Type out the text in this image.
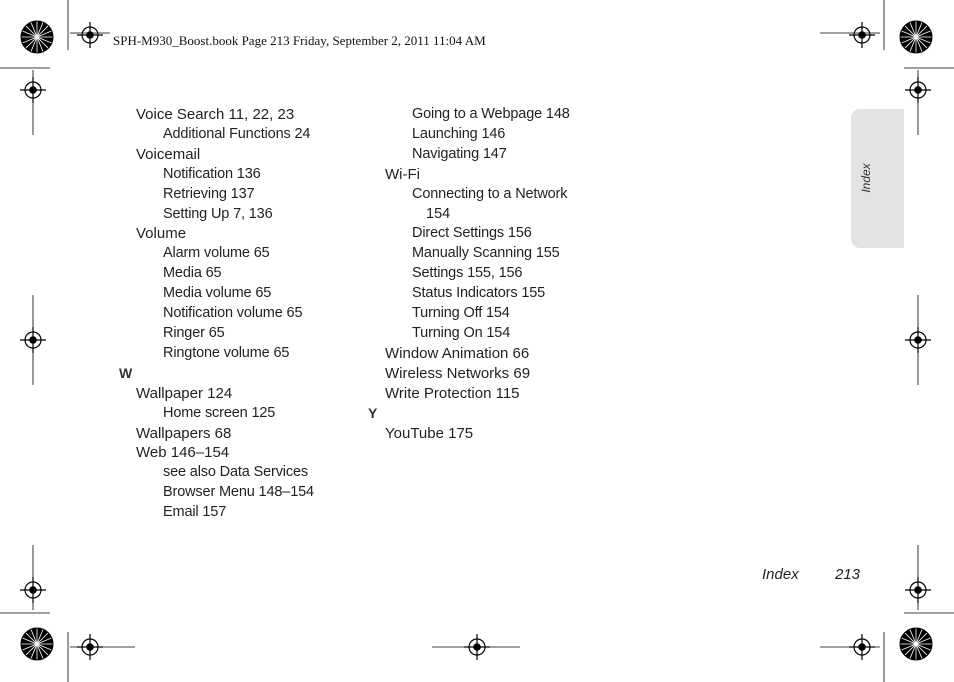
SPH-M930_Boost.book Page 213 Friday, September 2, 2011 11:04 AM
Index
Voice Search 11, 22, 23
Additional Functions 24
Voicemail
Notification 136
Retrieving 137
Setting Up 7, 136
Volume
Alarm volume 65
Media 65
Media volume 65
Notification volume 65
Ringer 65
Ringtone volume 65
W
Wallpaper 124
Home screen 125
Wallpapers 68
Web 146–154
see also Data Services
Browser Menu 148–154
Email 157
Going to a Webpage 148
Launching 146
Navigating 147
Wi-Fi
Connecting to a Network
154
Direct Settings 156
Manually Scanning 155
Settings 155, 156
Status Indicators 155
Turning Off 154
Turning On 154
Window Animation 66
Wireless Networks 69
Write Protection 115
Y
YouTube 175
Index 213
